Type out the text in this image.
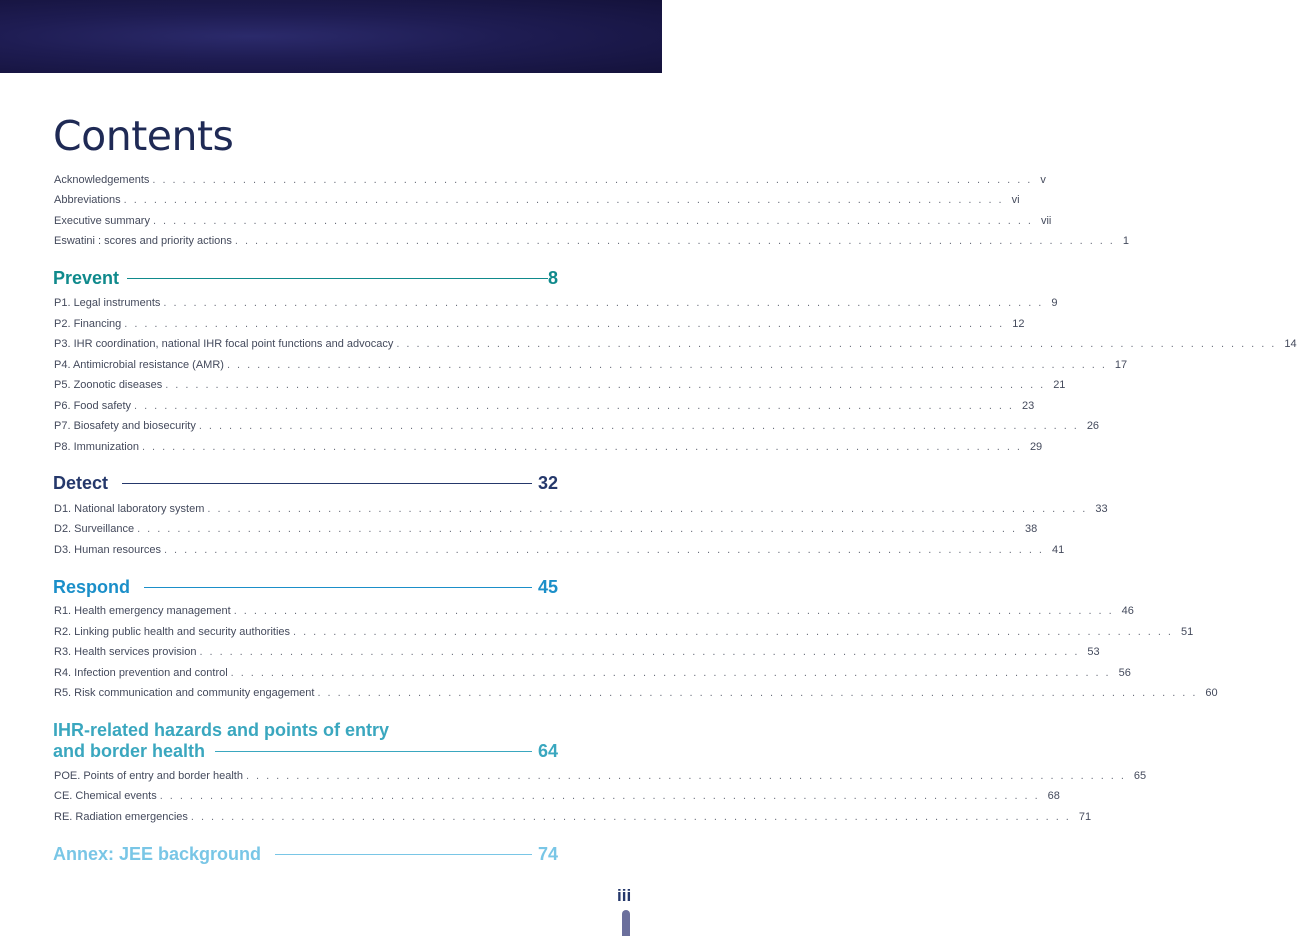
Contents
Acknowledgements ........................................................................................ v
Abbreviations ........................................................................................ vi
Executive summary ........................................................................................ vii
Eswatini : scores and priority actions ........................................................................................ 1
Prevent	8
P1. Legal instruments ........................................................................................ 9
P2. Financing ........................................................................................ 12
P3. IHR coordination, national IHR focal point functions and advocacy ........................................................................................ 14
P4. Antimicrobial resistance (AMR) ........................................................................................ 17
P5. Zoonotic diseases ........................................................................................ 21
P6. Food safety ........................................................................................ 23
P7. Biosafety and biosecurity ........................................................................................ 26
P8. Immunization ........................................................................................ 29
Detect	32
D1. National laboratory system ........................................................................................ 33
D2. Surveillance ........................................................................................ 38
D3. Human resources ........................................................................................ 41
Respond	45
R1. Health emergency management ........................................................................................ 46
R2. Linking public health and security authorities ........................................................................................ 51
R3. Health services provision ........................................................................................ 53
R4. Infection prevention and control ........................................................................................ 56
R5. Risk communication and community engagement ........................................................................................ 60
IHR-related hazards and points of entry
and border health	64
POE. Points of entry and border health ........................................................................................ 65
CE. Chemical events ........................................................................................ 68
RE. Radiation emergencies ........................................................................................ 71
Annex: JEE background	74
iii
